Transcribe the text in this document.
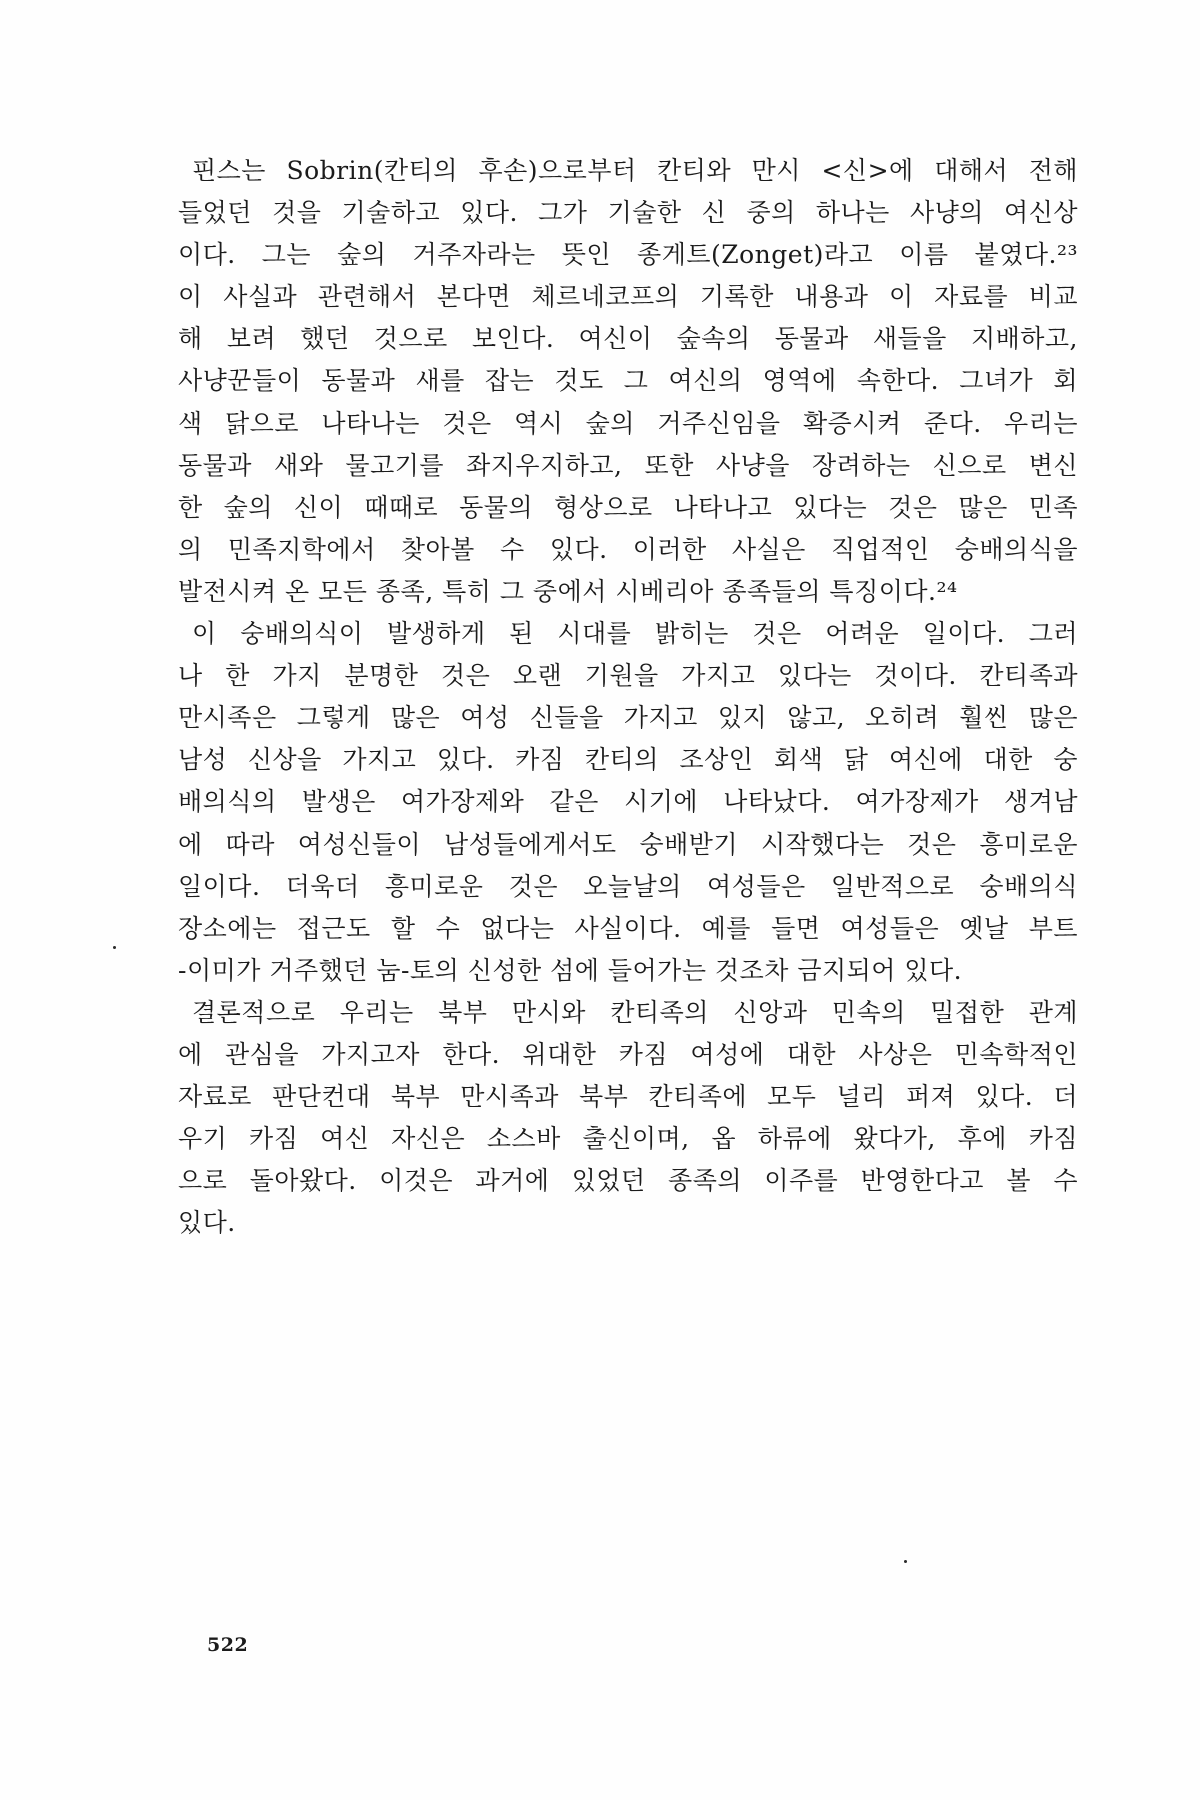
핀스는 Sobrin(칸티의 후손)으로부터 칸티와 만시 <신>에 대해서 전해
들었던 것을 기술하고 있다. 그가 기술한 신 중의 하나는 사냥의 여신상
이다. 그는 숲의 거주자라는 뜻인 종게트(Zonget)라고 이름 붙였다.²³
이 사실과 관련해서 본다면 체르네코프의 기록한 내용과 이 자료를 비교
해 보려 했던 것으로 보인다. 여신이 숲속의 동물과 새들을 지배하고,
사냥꾼들이 동물과 새를 잡는 것도 그 여신의 영역에 속한다. 그녀가 회
색 닭으로 나타나는 것은 역시 숲의 거주신임을 확증시켜 준다. 우리는
동물과 새와 물고기를 좌지우지하고, 또한 사냥을 장려하는 신으로 변신
한 숲의 신이 때때로 동물의 형상으로 나타나고 있다는 것은 많은 민족
의 민족지학에서 찾아볼 수 있다. 이러한 사실은 직업적인 숭배의식을
발전시켜 온 모든 종족, 특히 그 중에서 시베리아 종족들의 특징이다.²⁴
이 숭배의식이 발생하게 된 시대를 밝히는 것은 어려운 일이다. 그러
나 한 가지 분명한 것은 오랜 기원을 가지고 있다는 것이다. 칸티족과
만시족은 그렇게 많은 여성 신들을 가지고 있지 않고, 오히려 훨씬 많은
남성 신상을 가지고 있다. 카짐 칸티의 조상인 회색 닭 여신에 대한 숭
배의식의 발생은 여가장제와 같은 시기에 나타났다. 여가장제가 생겨남
에 따라 여성신들이 남성들에게서도 숭배받기 시작했다는 것은 흥미로운
일이다. 더욱더 흥미로운 것은 오늘날의 여성들은 일반적으로 숭배의식
장소에는 접근도 할 수 없다는 사실이다. 예를 들면 여성들은 옛날 부트
-이미가 거주했던 눔-토의 신성한 섬에 들어가는 것조차 금지되어 있다.
결론적으로 우리는 북부 만시와 칸티족의 신앙과 민속의 밀접한 관계
에 관심을 가지고자 한다. 위대한 카짐 여성에 대한 사상은 민속학적인
자료로 판단컨대 북부 만시족과 북부 칸티족에 모두 널리 퍼져 있다. 더
우기 카짐 여신 자신은 소스바 출신이며, 옵 하류에 왔다가, 후에 카짐
으로 돌아왔다. 이것은 과거에 있었던 종족의 이주를 반영한다고 볼 수
있다.
522
